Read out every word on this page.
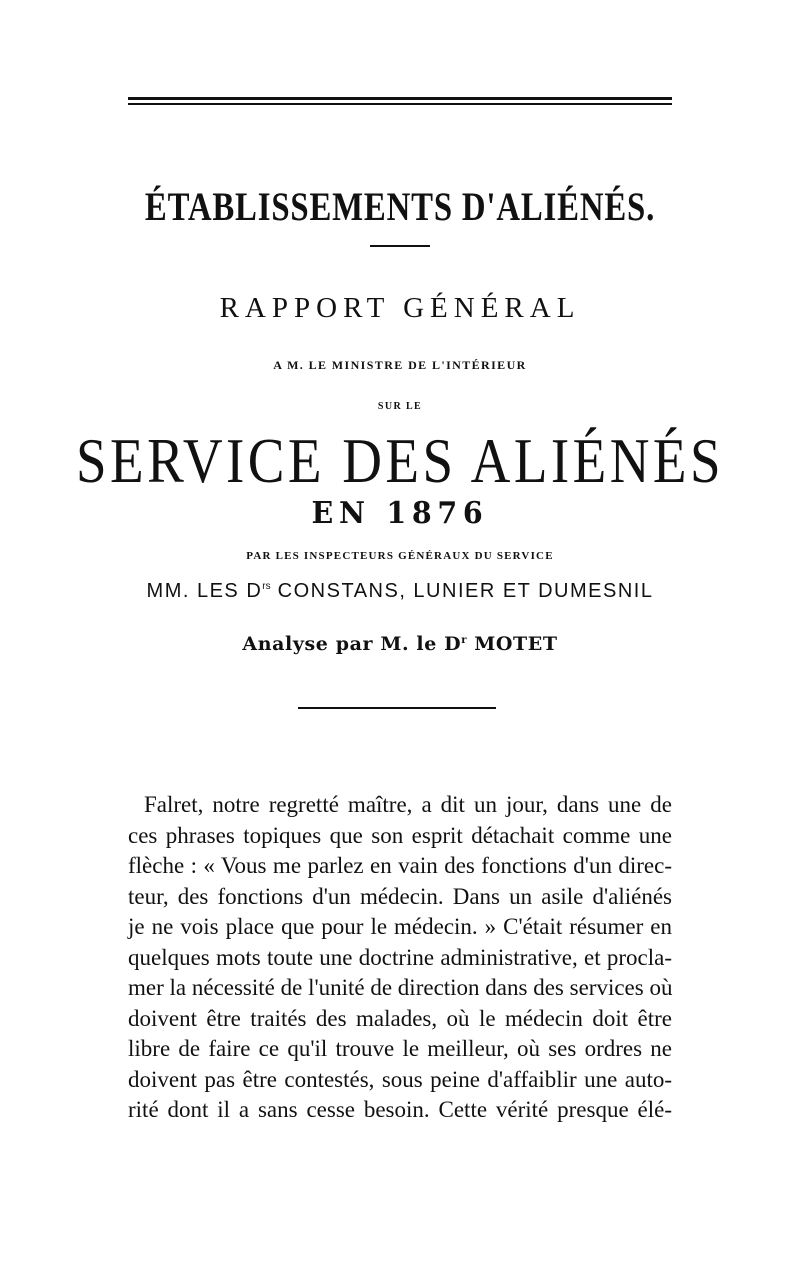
ÉTABLISSEMENTS D'ALIÉNÉS.
RAPPORT GÉNÉRAL
A M. LE MINISTRE DE L'INTÉRIEUR
SUR LE
SERVICE DES ALIÉNÉS
EN 1876
PAR LES INSPECTEURS GÉNÉRAUX DU SERVICE
MM. LES $D^{rs}$ CONSTANS, LUNIER ET DUMESNIL
Analyse par M. le $D^r$ MOTET
Falret, notre regretté maître, a dit un jour, dans une de
ces phrases topiques que son esprit détachait comme une
flèche : « Vous me parlez en vain des fonctions d'un direc-
teur, des fonctions d'un médecin. Dans un asile d'aliénés
je ne vois place que pour le médecin. » C'était résumer en
quelques mots toute une doctrine administrative, et procla-
mer la nécessité de l'unité de direction dans des services où
doivent être traités des malades, où le médecin doit être
libre de faire ce qu'il trouve le meilleur, où ses ordres ne
doivent pas être contestés, sous peine d'affaiblir une auto-
rité dont il a sans cesse besoin. Cette vérité presque élé-
